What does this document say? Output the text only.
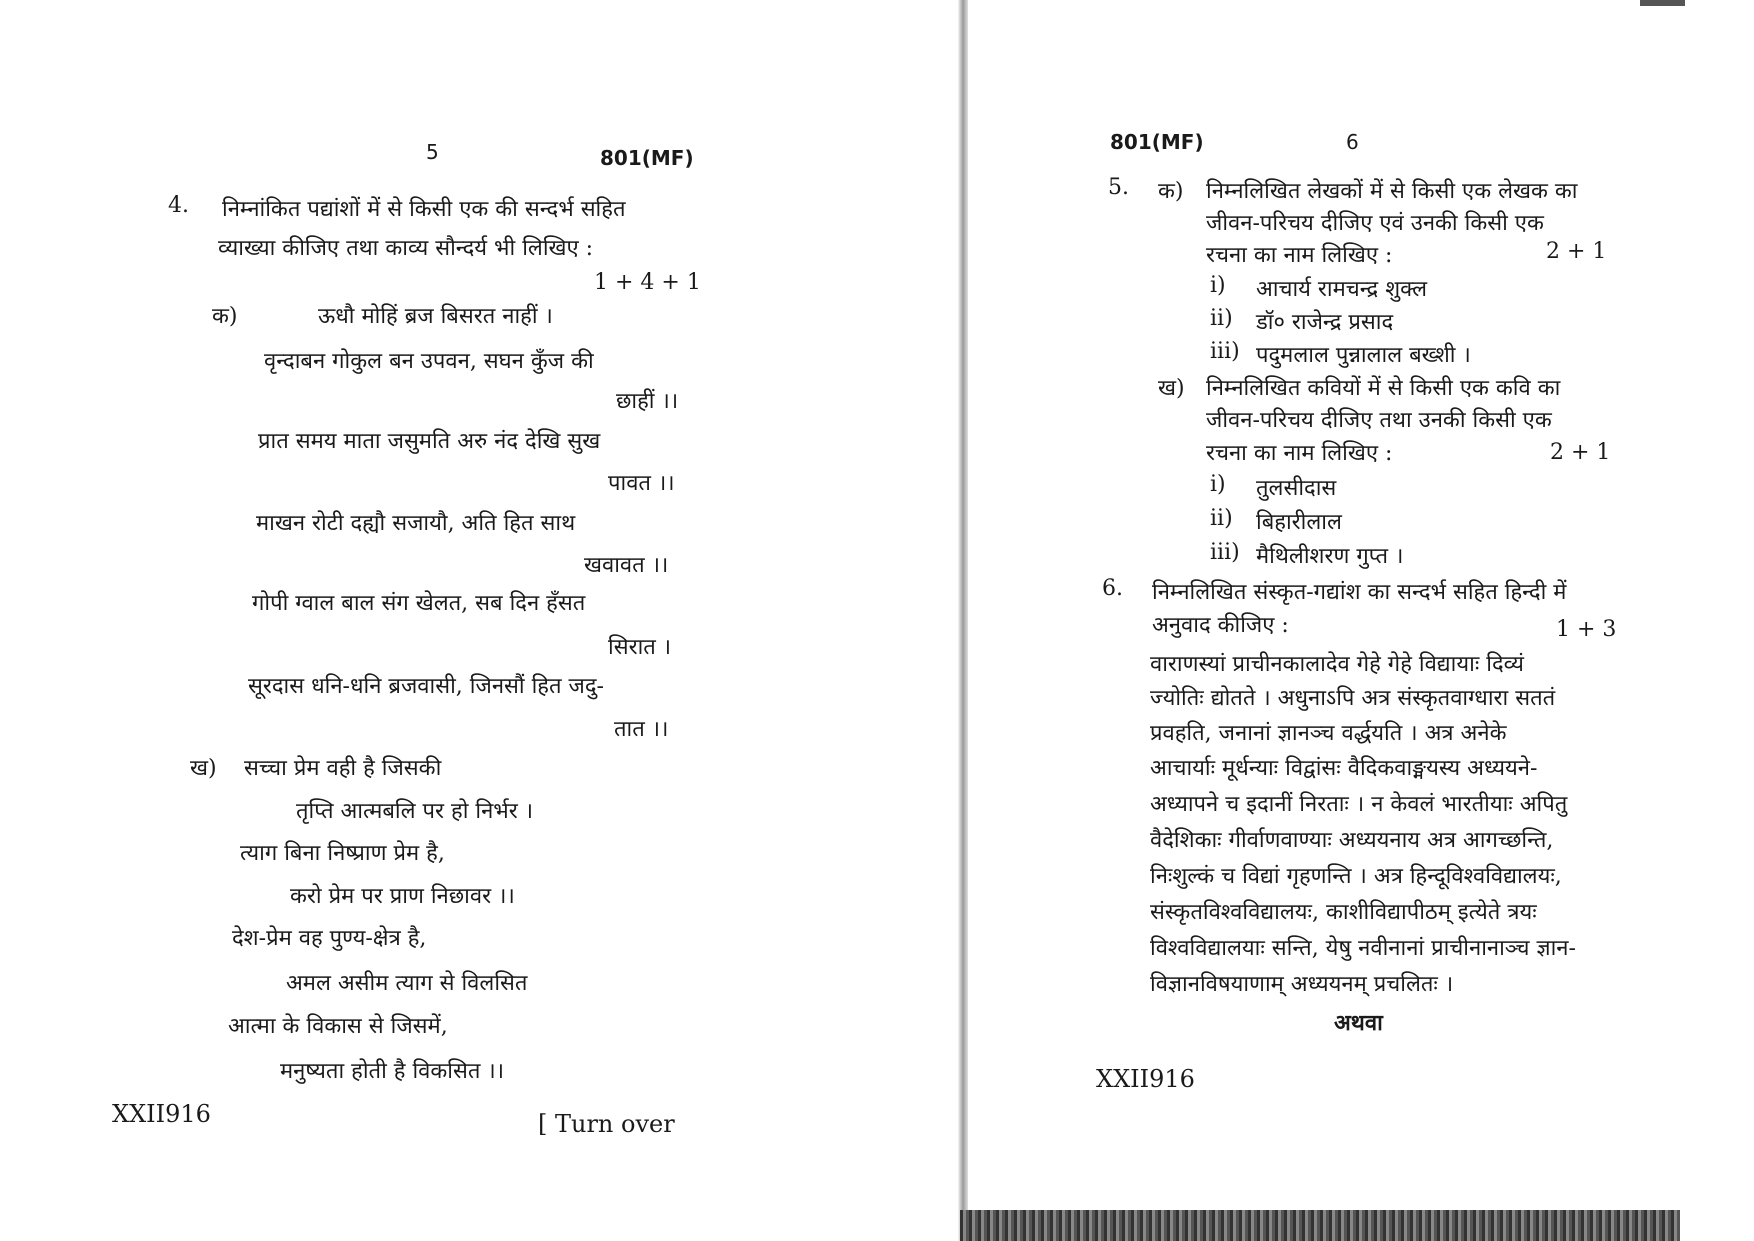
5	801(MF)
4. निम्नांकित पद्यांशों में से किसी एक की सन्दर्भ सहित
व्याख्या कीजिए तथा काव्य सौन्दर्य भी लिखिए :
1 + 4 + 1
क)	ऊधौ मोहिं ब्रज बिसरत नाहीं ।
वृन्दाबन गोकुल बन उपवन, सघन कुँज की
छाहीं ।।
प्रात समय माता जसुमति अरु नंद देखि सुख
पावत ।।
माखन रोटी दह्यौ सजायौ, अति हित साथ
खवावत ।।
गोपी ग्वाल बाल संग खेलत, सब दिन हँसत
सिरात ।
सूरदास धनि-धनि ब्रजवासी, जिनसौं हित जदु-
तात ।।
ख) सच्चा प्रेम वही है जिसकी
तृप्ति आत्मबलि पर हो निर्भर ।
त्याग बिना निष्प्राण प्रेम है,
करो प्रेम पर प्राण निछावर ।।
देश-प्रेम वह पुण्य-क्षेत्र है,
अमल असीम त्याग से विलसित
आत्मा के विकास से जिसमें,
मनुष्यता होती है विकसित ।।
XXII916	[ Turn over
801(MF)	6
5. क) निम्नलिखित लेखकों में से किसी एक लेखक का
जीवन-परिचय दीजिए एवं उनकी किसी एक
रचना का नाम लिखिए :	2 + 1
i) आचार्य रामचन्द्र शुक्ल
ii) डॉ० राजेन्द्र प्रसाद
iii) पदुमलाल पुन्नालाल बख्शी ।
ख) निम्नलिखित कवियों में से किसी एक कवि का
जीवन-परिचय दीजिए तथा उनकी किसी एक
रचना का नाम लिखिए :	2 + 1
i) तुलसीदास
ii) बिहारीलाल
iii) मैथिलीशरण गुप्त ।
6. निम्नलिखित संस्कृत-गद्यांश का सन्दर्भ सहित हिन्दी में
अनुवाद कीजिए :	1 + 3
वाराणस्यां प्राचीनकालादेव गेहे गेहे विद्यायाः दिव्यं
ज्योतिः द्योतते । अधुनाऽपि अत्र संस्कृतवाग्धारा सततं
प्रवहति, जनानां ज्ञानञ्च वर्द्धयति । अत्र अनेके
आचार्याः मूर्धन्याः विद्वांसः वैदिकवाङ्मयस्य अध्ययने-
अध्यापने च इदानीं निरताः । न केवलं भारतीयाः अपितु
वैदेशिकाः गीर्वाणवाण्याः अध्ययनाय अत्र आगच्छन्ति,
निःशुल्कं च विद्यां गृहणन्ति । अत्र हिन्दूविश्वविद्यालयः,
संस्कृतविश्वविद्यालयः, काशीविद्यापीठम् इत्येते त्रयः
विश्वविद्यालयाः सन्ति, येषु नवीनानां प्राचीनानाञ्च ज्ञान-
विज्ञानविषयाणाम् अध्ययनम् प्रचलितः ।
अथवा
XXII916
